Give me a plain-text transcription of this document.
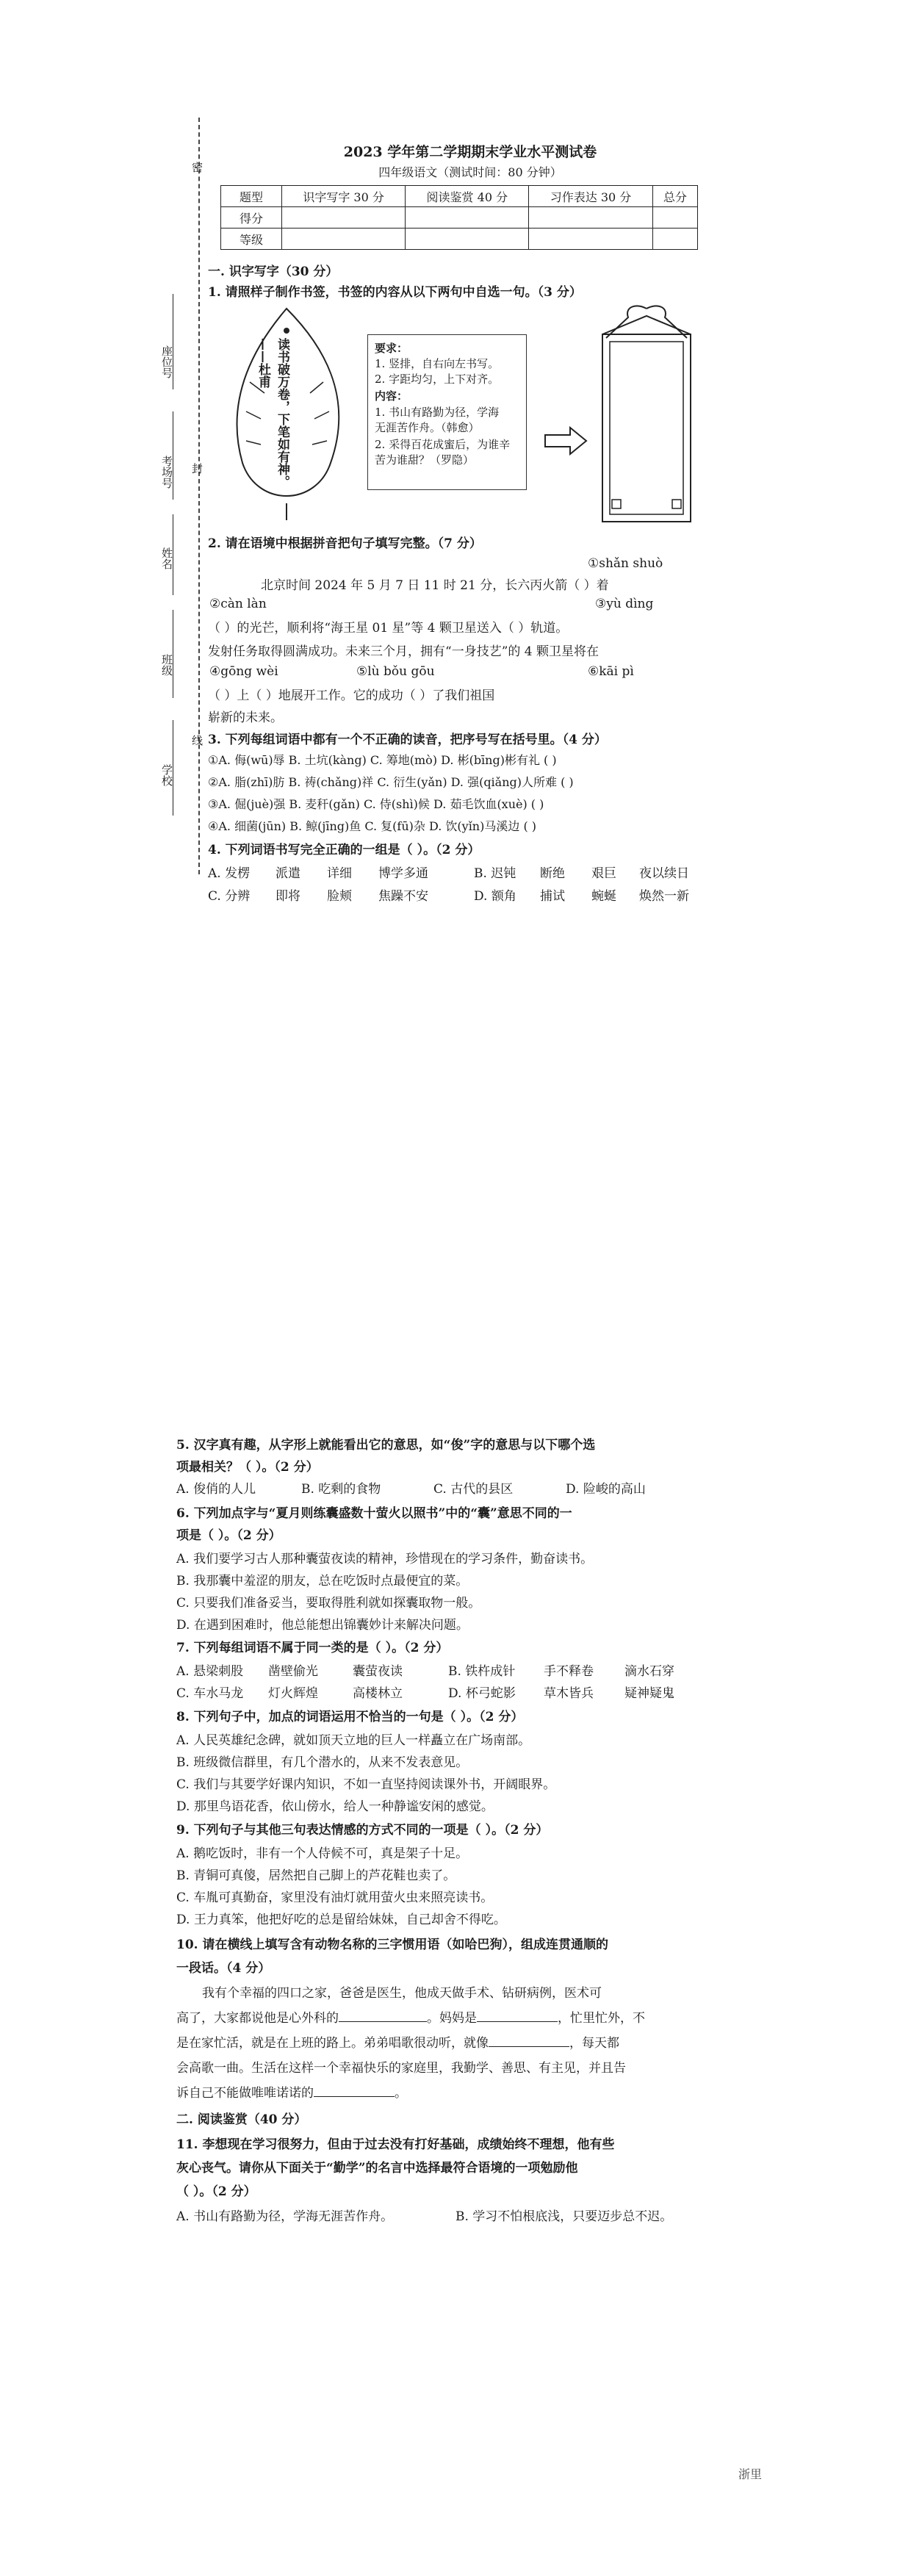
密
封
线
座位号
考场号
姓名
班级
学校
2023 学年第二学期期末学业水平测试卷
四年级语文（测试时间：80 分钟）
题型	识字写字 30 分	阅读鉴赏 40 分	习作表达 30 分	总分
得分				
等级				
一. 识字写字（30 分）
1. 请照样子制作书签，书签的内容从以下两句中自选一句。（3 分）
读书破万卷，下笔如有神。——杜甫	要求：
1. 竖排，自右向左书写。
2. 字距均匀，上下对齐。
内容：
1. 书山有路勤为径，学海
无涯苦作舟。（韩愈）
2. 采得百花成蜜后，为谁辛
苦为谁甜？（罗隐）
2. 请在语境中根据拼音把句子填写完整。（7 分）
①shǎn shuò
北京时间 2024 年 5 月 7 日 11 时 21 分，长六丙火箭（ ）着
②càn làn	③yù dìng
（ ）的光芒，顺利将“海王星 01 星”等 4 颗卫星送入（ ）轨道。
发射任务取得圆满成功。未来三个月，拥有“一身技艺”的 4 颗卫星将在
④gōng wèi	⑤lù bǒu gōu	⑥kāi pì
（ ）上（ ）地展开工作。它的成功（ ）了我们祖国
崭新的未来。
3. 下列每组词语中都有一个不正确的读音，把序号写在括号里。（4 分）
①A. 侮(wū)辱 B. 土坑(kàng) C. 筹地(mò) D. 彬(bīng)彬有礼 ( )
②A. 脂(zhī)肪 B. 祷(chǎng)祥 C. 衍生(yǎn) D. 强(qiǎng)人所难 ( )
③A. 倔(juè)强 B. 麦秆(gǎn) C. 侍(shì)候 D. 茹毛饮血(xuè) ( )
④A. 细菌(jūn) B. 鲸(jīng)鱼 C. 复(fū)杂 D. 饮(yǐn)马溪边 ( )
4. 下列词语书写完全正确的一组是（ ）。（2 分）
A. 发楞 派遣 详细 博学多通	B. 迟钝 断绝 艰巨 夜以续日
C. 分辨 即将 脸颊 焦躁不安	D. 额角 捕试 蜿蜒 焕然一新
5. 汉字真有趣，从字形上就能看出它的意思，如“俊”字的意思与以下哪个选
项最相关？（ ）。（2 分）
A. 俊俏的人儿	B. 吃剩的食物	C. 古代的县区	D. 险峻的高山
6. 下列加点字与“夏月则练囊盛数十萤火以照书”中的“囊”意思不同的一
项是（ ）。（2 分）
A. 我们要学习古人那种囊萤夜读的精神，珍惜现在的学习条件，勤奋读书。
B. 我那囊中羞涩的朋友，总在吃饭时点最便宜的菜。
C. 只要我们准备妥当，要取得胜利就如探囊取物一般。
D. 在遇到困难时，他总能想出锦囊妙计来解决问题。
7. 下列每组词语不属于同一类的是（ ）。（2 分）
A. 悬梁刺股 凿壁偷光	囊萤夜读	B. 铁杵成针 手不释卷 滴水石穿
C. 车水马龙 灯火辉煌	高楼林立	D. 杯弓蛇影 草木皆兵 疑神疑鬼
8. 下列句子中，加点的词语运用不恰当的一句是（ ）。（2 分）
A. 人民英雄纪念碑，就如顶天立地的巨人一样矗立在广场南部。
B. 班级微信群里，有几个潜水的，从来不发表意见。
C. 我们与其要学好课内知识，不如一直坚持阅读课外书，开阔眼界。
D. 那里鸟语花香，依山傍水，给人一种静谧安闲的感觉。
9. 下列句子与其他三句表达情感的方式不同的一项是（ ）。（2 分）
A. 鹅吃饭时，非有一个人侍候不可，真是架子十足。
B. 青铜可真傻，居然把自己脚上的芦花鞋也卖了。
C. 车胤可真勤奋，家里没有油灯就用萤火虫来照亮读书。
D. 王力真笨，他把好吃的总是留给妹妹，自己却舍不得吃。
10. 请在横线上填写含有动物名称的三字惯用语（如哈巴狗），组成连贯通顺的
一段话。（4 分）
我有个幸福的四口之家，爸爸是医生，他成天做手术、钻研病例，医术可
高了，大家都说他是心外科的	。妈妈是	，忙里忙外，不
是在家忙活，就是在上班的路上。弟弟唱歌很动听，就像	，每天都
会高歌一曲。生活在这样一个幸福快乐的家庭里，我勤学、善思、有主见，并且告
诉自己不能做唯唯诺诺的	。
二. 阅读鉴赏（40 分）
11. 李想现在学习很努力，但由于过去没有打好基础，成绩始终不理想，他有些
灰心丧气。请你从下面关于“勤学”的名言中选择最符合语境的一项勉励他
（ ）。（2 分）
A. 书山有路勤为径，学海无涯苦作舟。	B. 学习不怕根底浅，只要迈步总不迟。
浙里
